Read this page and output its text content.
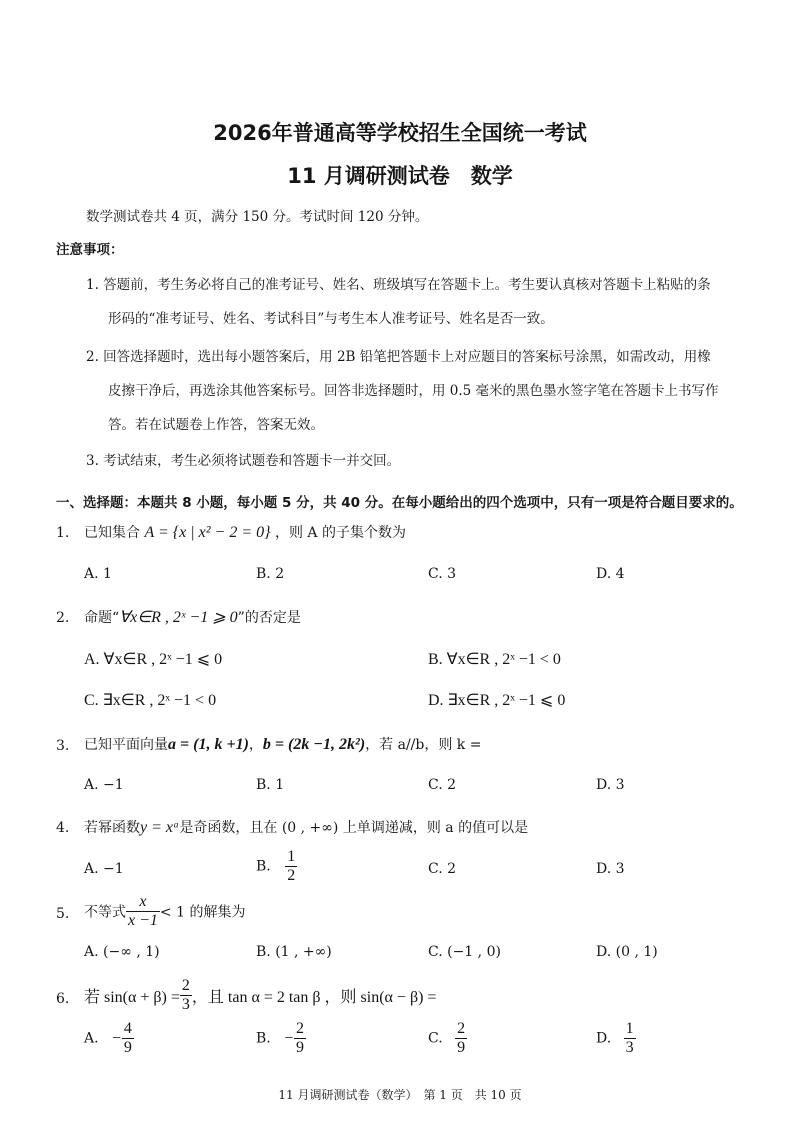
2026年普通高等学校招生全国统一考试
11 月调研测试卷　数学
数学测试卷共 4 页，满分 150 分。考试时间 120 分钟。
注意事项：
1. 答题前，考生务必将自己的准考证号、姓名、班级填写在答题卡上。考生要认真核对答题卡上粘贴的条
形码的“准考证号、姓名、考试科目”与考生本人准考证号、姓名是否一致。
2. 回答选择题时，选出每小题答案后，用 2B 铅笔把答题卡上对应题目的答案标号涂黑，如需改动，用橡
皮擦干净后，再选涂其他答案标号。回答非选择题时，用 0.5 毫米的黑色墨水签字笔在答题卡上书写作
答。若在试题卷上作答，答案无效。
3. 考试结束，考生必须将试题卷和答题卡一并交回。
一、选择题：本题共 8 小题，每小题 5 分，共 40 分。在每小题给出的四个选项中，只有一项是符合题目要求的。
1. 已知集合 A = {x | x² − 2 = 0} ，则 A 的子集个数为
A. 1	B. 2	C. 3	D. 4
2. 命题“∀x∈R , 2ˣ −1 ⩾ 0”的否定是
A. ∀x∈R , 2ˣ −1 ⩽ 0	B. ∀x∈R , 2ˣ −1 < 0
C. ∃x∈R , 2ˣ −1 < 0	D. ∃x∈R , 2ˣ −1 ⩽ 0
3. 已知平面向量a = (1, k +1)，b = (2k −1, 2k²)，若 a//b，则 k =
A. −1	B. 1	C. 2	D. 3
4. 若幂函数y = xᵃ是奇函数，且在 (0 , +∞) 上单调递减，则 a 的值可以是
A. −1	B. $\frac{1}{2}$	C. 2	D. 3
5. 不等式 $\frac{x}{x -1} < 1$ 的解集为
A. (−∞ , 1)	B. (1 , +∞)	C. (−1 , 0)	D. (0 , 1)
6. 若 $\sin(\alpha + \beta) = \frac{2}{3}$ ，且 tan α = 2 tan β ，则 sin(α − β) =
A. − $\frac{4}{9}$	B. − $\frac{2}{9}$	C. $\frac{2}{9}$	D. $\frac{1}{3}$
11 月调研测试卷（数学）　第 1 页　共 10 页
